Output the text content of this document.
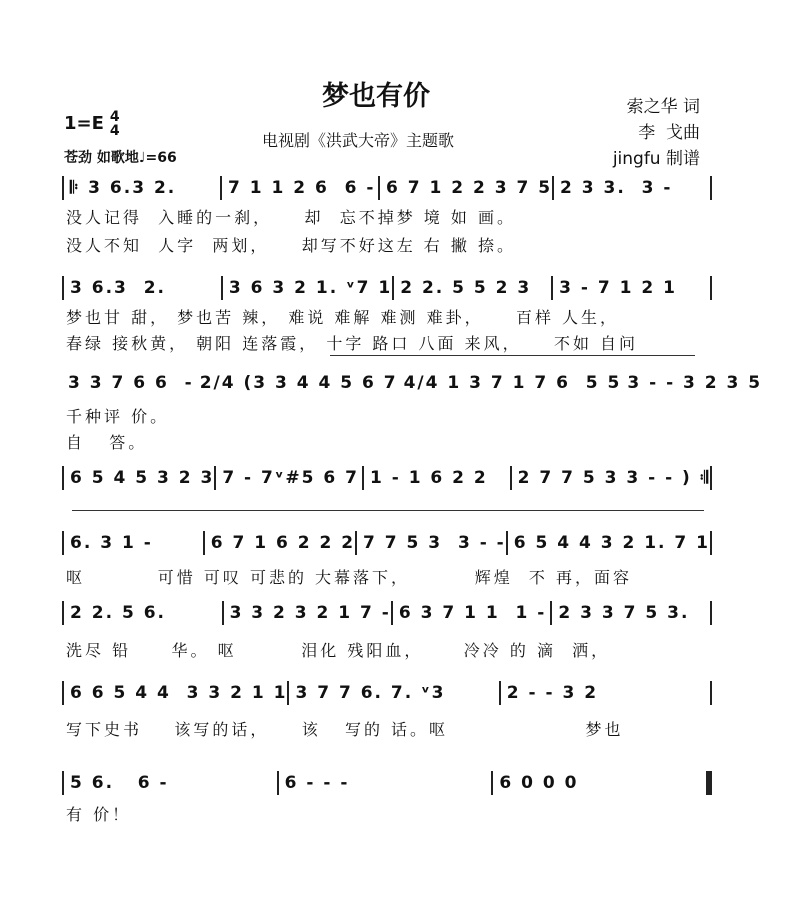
梦也有价
电视剧《洪武大帝》主题歌
索之华 词
李  戈曲
jingfu 制谱
1=E 4
4
苍劲 如歌地♩=66
𝄆 3 6.3 2.	7 1 1 2 6  6 - 6 7 1 2 2 3 7 5 2 3 3.  3 -
没人记得  入睡的一刹，    却  忘不掉梦 境 如 画。
没人不知  人字  两划，    却写不好这左 右 撇 捺。
3 6.3  2.	3 6 3 2 1. ᵛ7 1 2 2. 5 5 2 3	3 - 7 1 2 1
梦也甘 甜， 梦也苦 辣， 难说 难解 难测 难卦，    百样 人生，
春绿 接秋黄， 朝阳 连落霞， 十字 路口 八面 来风，    不如 自问
3 3 7 6 6  - 2/4 (3 3 4 4 5 6 7 4/4 1 3 7 1 7 6  5 5 3 - - 3 2 3 5
千种评 价。
自   答。
6 5 4 5 3 2 3 7 - 7ᵛ#5 6 7 1 - 1 6 2 2	2 7 7 5 3 3 - - ) 𝄇
6. 3 1 -	6 7 1 6 2 2 2 7 7 5 3  3 - - 6 5 4 4 3 2 1. 7 1
呕         可惜 可叹 可悲的 大幕落下，        辉煌  不 再，面容
2 2. 5 6.	3 3 2 3 2 1 7 - 6 3 7 1 1  1 - 2 3 3 7 5 3.
洗尽 铅     华。 呕        泪化 残阳血，     冷冷 的 滴  洒，
6 6 5 4 4  3 3 2 1 1 3 7 7 6. 7. ᵛ3	2 - - 3 2
写下史书    该写的话，    该   写的 话。呕                 梦也
5 6.   6 -	6 - - -	6 0 0 0
有 价！
